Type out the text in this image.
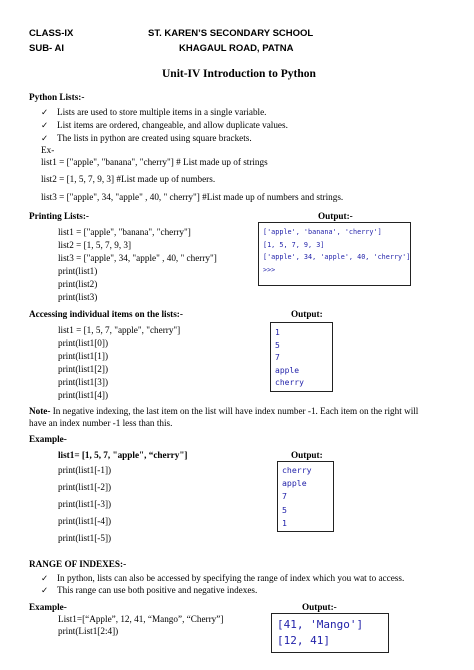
CLASS-IX
SUB- AI
ST. KAREN’S SECONDARY SCHOOL
KHAGAUL ROAD, PATNA
Unit-IV Introduction to Python
Python Lists:-
✓ Lists are used to store multiple items in a single variable.
✓ List items are ordered, changeable, and allow duplicate values.
✓ The lists in python are created using square brackets.
Ex-
list1 = ["apple", "banana", "cherry"] # List made up of strings
list2 = [1, 5, 7, 9, 3] #List made up of numbers.
list3 = ["apple", 34, "apple" , 40, " cherry"] #List made up of numbers and strings.
Printing Lists:-	Output:-
list1 = ["apple", "banana", "cherry"]
list2 = [1, 5, 7, 9, 3]
list3 = ["apple", 34, "apple" , 40, " cherry"]
print(list1)
print(list2)
print(list3)
['apple', 'banana', 'cherry']
[1, 5, 7, 9, 3]
['apple', 34, 'apple', 40, 'cherry']
>>>
Accessing individual items on the lists:-	Output:
list1 = [1, 5, 7, "apple", "cherry"]
print(list1[0])
print(list1[1])
print(list1[2])
print(list1[3])
print(list1[4])
1
5
7
apple
cherry
Note- In negative indexing, the last item on the list will have index number -1. Each item on the right will
have an index number -1 less than this.
Example-
list1= [1, 5, 7, "apple", “cherry"]	Output:
print(list1[-1])
print(list1[-2])
print(list1[-3])
print(list1[-4])
print(list1[-5])
cherry
apple
7
5
1
RANGE OF INDEXES:-
✓ In python, lists can also be accessed by specifying the range of index which you wat to access.
✓ This range can use both positive and negative indexes.
Example-	Output:-
List1=[“Apple”, 12, 41, “Mango”, “Cherry”]
print(List1[2:4])	[41, 'Mango']
[12, 41]
